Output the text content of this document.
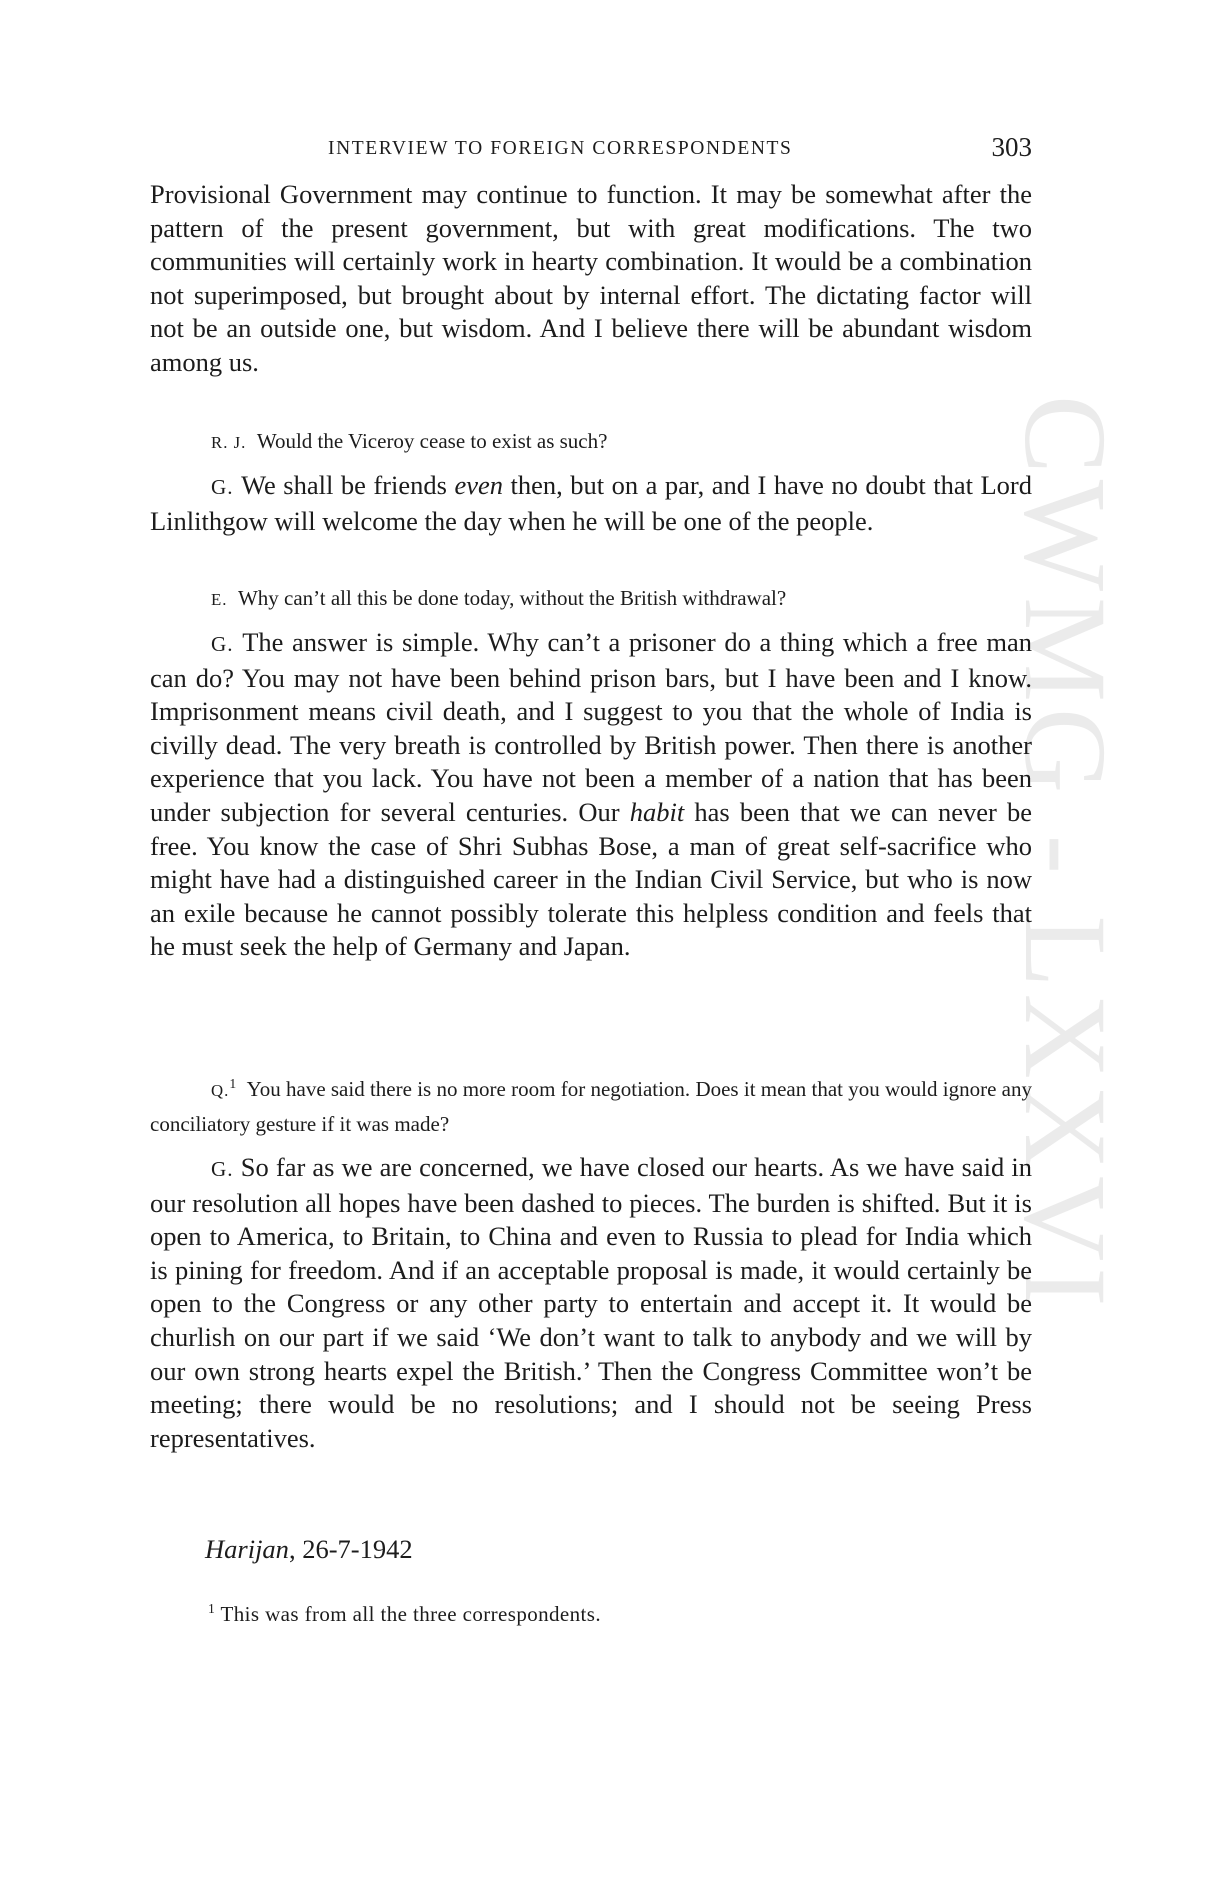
CWMG - LXXVI
INTERVIEW TO FOREIGN CORRESPONDENTS	303

Provisional Government may continue to function. It may be somewhat after the pattern of the present government, but with great modifications. The two communities will certainly work in hearty combination. It would be a combination not superimposed, but brought about by internal effort. The dictating factor will not be an outside one, but wisdom. And I believe there will be abundant wisdom among us.

R. J. Would the Viceroy cease to exist as such?

G. We shall be friends even then, but on a par, and I have no doubt that Lord Linlithgow will welcome the day when he will be one of the people.

E. Why can’t all this be done today, without the British withdrawal?

G. The answer is simple. Why can’t a prisoner do a thing which a free man can do? You may not have been behind prison bars, but I have been and I know. Imprisonment means civil death, and I suggest to you that the whole of India is civilly dead. The very breath is controlled by British power. Then there is another experience that you lack. You have not been a member of a nation that has been under subjection for several centuries. Our habit has been that we can never be free. You know the case of Shri Subhas Bose, a man of great self-sacrifice who might have had a distinguished career in the Indian Civil Service, but who is now an exile because he cannot possibly tolerate this helpless condition and feels that he must seek the help of Germany and Japan.

Q.$^1$ You have said there is no more room for negotiation. Does it mean that you would ignore any conciliatory gesture if it was made?

G. So far as we are concerned, we have closed our hearts. As we have said in our resolution all hopes have been dashed to pieces. The burden is shifted. But it is open to America, to Britain, to China and even to Russia to plead for India which is pining for freedom. And if an acceptable proposal is made, it would certainly be open to the Congress or any other party to entertain and accept it. It would be churlish on our part if we said ‘We don’t want to talk to anybody and we will by our own strong hearts expel the British.’ Then the Congress Committee won’t be meeting; there would be no resolutions; and I should not be seeing Press representatives.

Harijan, 26-7-1942
$^1$ This was from all the three correspondents.
